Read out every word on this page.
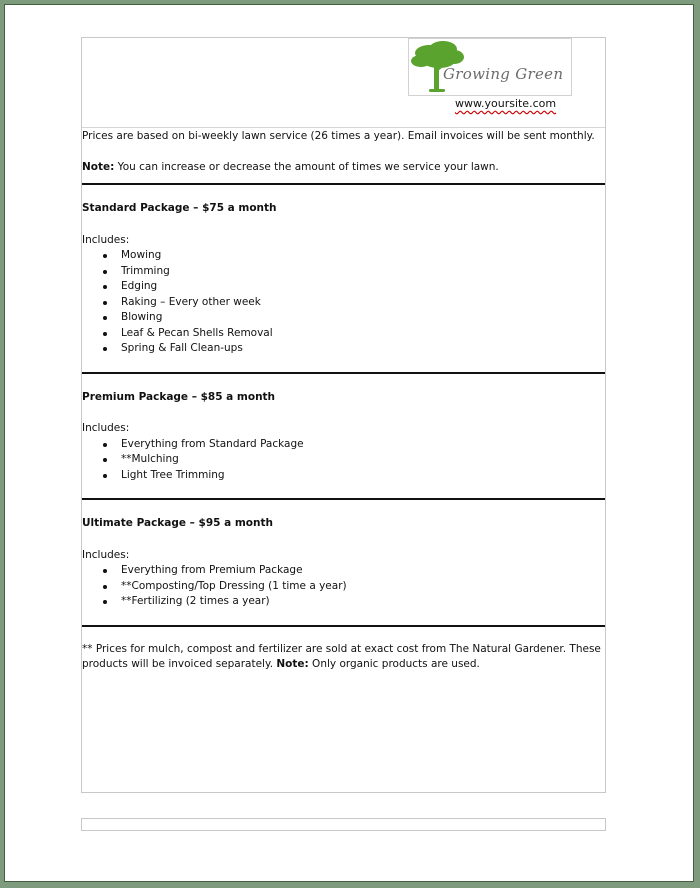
Growing Green
www.yoursite.com

Prices are based on bi-weekly lawn service (26 times a year). Email invoices will be sent monthly.

Note: You can increase or decrease the amount of times we service your lawn.

Standard Package – $75 a month

Includes:
Mowing
Trimming
Edging
Raking – Every other week
Blowing
Leaf & Pecan Shells Removal
Spring & Fall Clean-ups

Premium Package – $85 a month

Includes:
Everything from Standard Package
**Mulching
Light Tree Trimming

Ultimate Package – $95 a month

Includes:
Everything from Premium Package
**Composting/Top Dressing (1 time a year)
**Fertilizing (2 times a year)

** Prices for mulch, compost and fertilizer are sold at exact cost from The Natural Gardener. These products will be invoiced separately. Note: Only organic products are used.
